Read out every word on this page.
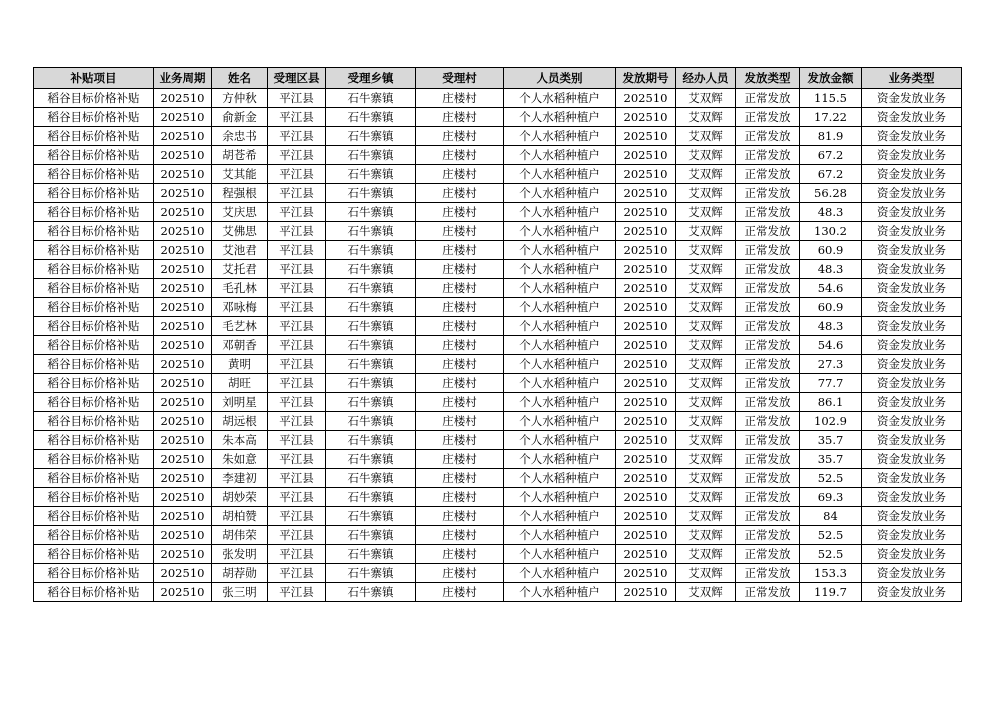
补贴项目	业务周期	姓名	受理区县	受理乡镇	受理村	人员类别	发放期号	经办人员	发放类型	发放金额	业务类型
稻谷目标价格补贴	202510	方仲秋	平江县	石牛寨镇	庄楼村	个人水稻种植户	202510	艾双辉	正常发放	115.5	资金发放业务
稻谷目标价格补贴	202510	俞新金	平江县	石牛寨镇	庄楼村	个人水稻种植户	202510	艾双辉	正常发放	17.22	资金发放业务
稻谷目标价格补贴	202510	余忠书	平江县	石牛寨镇	庄楼村	个人水稻种植户	202510	艾双辉	正常发放	81.9	资金发放业务
稻谷目标价格补贴	202510	胡苍希	平江县	石牛寨镇	庄楼村	个人水稻种植户	202510	艾双辉	正常发放	67.2	资金发放业务
稻谷目标价格补贴	202510	艾其能	平江县	石牛寨镇	庄楼村	个人水稻种植户	202510	艾双辉	正常发放	67.2	资金发放业务
稻谷目标价格补贴	202510	程强根	平江县	石牛寨镇	庄楼村	个人水稻种植户	202510	艾双辉	正常发放	56.28	资金发放业务
稻谷目标价格补贴	202510	艾庆思	平江县	石牛寨镇	庄楼村	个人水稻种植户	202510	艾双辉	正常发放	48.3	资金发放业务
稻谷目标价格补贴	202510	艾佛思	平江县	石牛寨镇	庄楼村	个人水稻种植户	202510	艾双辉	正常发放	130.2	资金发放业务
稻谷目标价格补贴	202510	艾池君	平江县	石牛寨镇	庄楼村	个人水稻种植户	202510	艾双辉	正常发放	60.9	资金发放业务
稻谷目标价格补贴	202510	艾托君	平江县	石牛寨镇	庄楼村	个人水稻种植户	202510	艾双辉	正常发放	48.3	资金发放业务
稻谷目标价格补贴	202510	毛孔林	平江县	石牛寨镇	庄楼村	个人水稻种植户	202510	艾双辉	正常发放	54.6	资金发放业务
稻谷目标价格补贴	202510	邓咏梅	平江县	石牛寨镇	庄楼村	个人水稻种植户	202510	艾双辉	正常发放	60.9	资金发放业务
稻谷目标价格补贴	202510	毛艺林	平江县	石牛寨镇	庄楼村	个人水稻种植户	202510	艾双辉	正常发放	48.3	资金发放业务
稻谷目标价格补贴	202510	邓朝香	平江县	石牛寨镇	庄楼村	个人水稻种植户	202510	艾双辉	正常发放	54.6	资金发放业务
稻谷目标价格补贴	202510	黄明	平江县	石牛寨镇	庄楼村	个人水稻种植户	202510	艾双辉	正常发放	27.3	资金发放业务
稻谷目标价格补贴	202510	胡旺	平江县	石牛寨镇	庄楼村	个人水稻种植户	202510	艾双辉	正常发放	77.7	资金发放业务
稻谷目标价格补贴	202510	刘明星	平江县	石牛寨镇	庄楼村	个人水稻种植户	202510	艾双辉	正常发放	86.1	资金发放业务
稻谷目标价格补贴	202510	胡远根	平江县	石牛寨镇	庄楼村	个人水稻种植户	202510	艾双辉	正常发放	102.9	资金发放业务
稻谷目标价格补贴	202510	朱本高	平江县	石牛寨镇	庄楼村	个人水稻种植户	202510	艾双辉	正常发放	35.7	资金发放业务
稻谷目标价格补贴	202510	朱如意	平江县	石牛寨镇	庄楼村	个人水稻种植户	202510	艾双辉	正常发放	35.7	资金发放业务
稻谷目标价格补贴	202510	李建初	平江县	石牛寨镇	庄楼村	个人水稻种植户	202510	艾双辉	正常发放	52.5	资金发放业务
稻谷目标价格补贴	202510	胡妙荣	平江县	石牛寨镇	庄楼村	个人水稻种植户	202510	艾双辉	正常发放	69.3	资金发放业务
稻谷目标价格补贴	202510	胡柏赞	平江县	石牛寨镇	庄楼村	个人水稻种植户	202510	艾双辉	正常发放	84	资金发放业务
稻谷目标价格补贴	202510	胡伟荣	平江县	石牛寨镇	庄楼村	个人水稻种植户	202510	艾双辉	正常发放	52.5	资金发放业务
稻谷目标价格补贴	202510	张发明	平江县	石牛寨镇	庄楼村	个人水稻种植户	202510	艾双辉	正常发放	52.5	资金发放业务
稻谷目标价格补贴	202510	胡荐勋	平江县	石牛寨镇	庄楼村	个人水稻种植户	202510	艾双辉	正常发放	153.3	资金发放业务
稻谷目标价格补贴	202510	张三明	平江县	石牛寨镇	庄楼村	个人水稻种植户	202510	艾双辉	正常发放	119.7	资金发放业务
